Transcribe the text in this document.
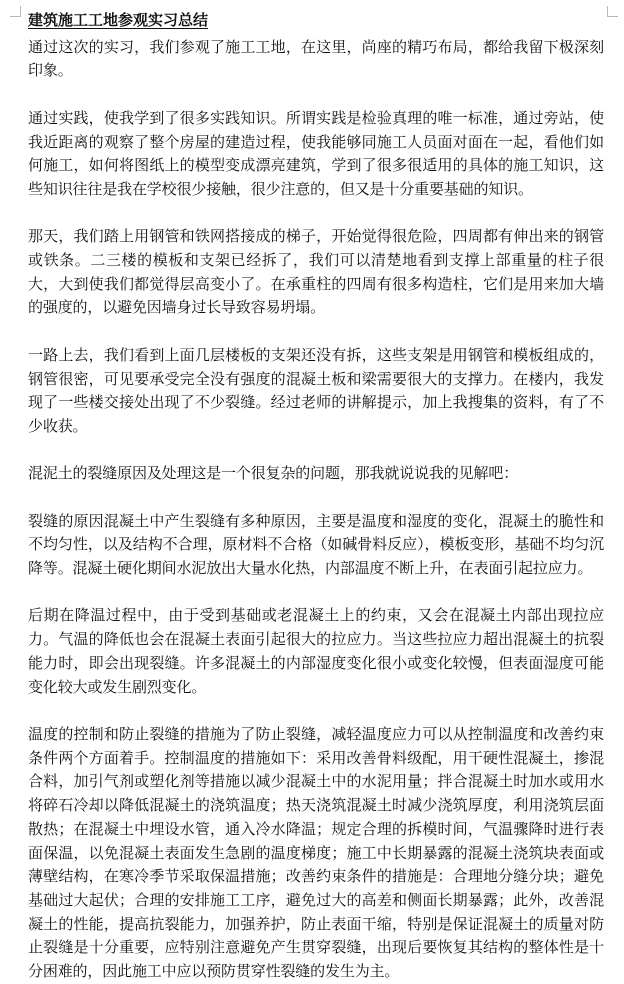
建筑施工工地参观实习总结

通过这次的实习，我们参观了施工工地，在这里，尚座的精巧布局，都给我留下极深刻印象。

通过实践，使我学到了很多实践知识。所谓实践是检验真理的唯一标准，通过旁站，使我近距离的观察了整个房屋的建造过程，使我能够同施工人员面对面在一起，看他们如何施工，如何将图纸上的模型变成漂亮建筑，学到了很多很适用的具体的施工知识，这些知识往往是我在学校很少接触，很少注意的，但又是十分重要基础的知识。

那天，我们踏上用钢管和铁网搭接成的梯子，开始觉得很危险，四周都有伸出来的钢管或铁条。二三楼的模板和支架已经拆了，我们可以清楚地看到支撑上部重量的柱子很大，大到使我们都觉得层高变小了。在承重柱的四周有很多构造柱，它们是用来加大墙的强度的，以避免因墙身过长导致容易坍塌。

一路上去，我们看到上面几层楼板的支架还没有拆，这些支架是用钢管和模板组成的，钢管很密，可见要承受完全没有强度的混凝土板和梁需要很大的支撑力。在楼内，我发现了一些楼交接处出现了不少裂缝。经过老师的讲解提示，加上我搜集的资料，有了不少收获。

混泥土的裂缝原因及处理这是一个很复杂的问题，那我就说说我的见解吧：

裂缝的原因混凝土中产生裂缝有多种原因，主要是温度和湿度的变化，混凝土的脆性和不均匀性，以及结构不合理，原材料不合格（如碱骨料反应），模板变形，基础不均匀沉降等。混凝土硬化期间水泥放出大量水化热，内部温度不断上升，在表面引起拉应力。

后期在降温过程中，由于受到基础或老混凝土上的约束，又会在混凝土内部出现拉应力。气温的降低也会在混凝土表面引起很大的拉应力。当这些拉应力超出混凝土的抗裂能力时，即会出现裂缝。许多混凝土的内部湿度变化很小或变化较慢，但表面湿度可能变化较大或发生剧烈变化。

温度的控制和防止裂缝的措施为了防止裂缝，减轻温度应力可以从控制温度和改善约束条件两个方面着手。控制温度的措施如下：采用改善骨料级配，用干硬性混凝土，掺混合料，加引气剂或塑化剂等措施以减少混凝土中的水泥用量；拌合混凝土时加水或用水将碎石冷却以降低混凝土的浇筑温度；热天浇筑混凝土时减少浇筑厚度，利用浇筑层面散热；在混凝土中埋设水管，通入冷水降温；规定合理的拆模时间，气温骤降时进行表面保温，以免混凝土表面发生急剧的温度梯度；施工中长期暴露的混凝土浇筑块表面或薄壁结构，在寒冷季节采取保温措施；改善约束条件的措施是：合理地分缝分块；避免基础过大起伏；合理的安排施工工序，避免过大的高差和侧面长期暴露；此外，改善混凝土的性能，提高抗裂能力，加强养护，防止表面干缩，特别是保证混凝土的质量对防止裂缝是十分重要，应特别注意避免产生贯穿裂缝，出现后要恢复其结构的整体性是十分困难的，因此施工中应以预防贯穿性裂缝的发生为主。
